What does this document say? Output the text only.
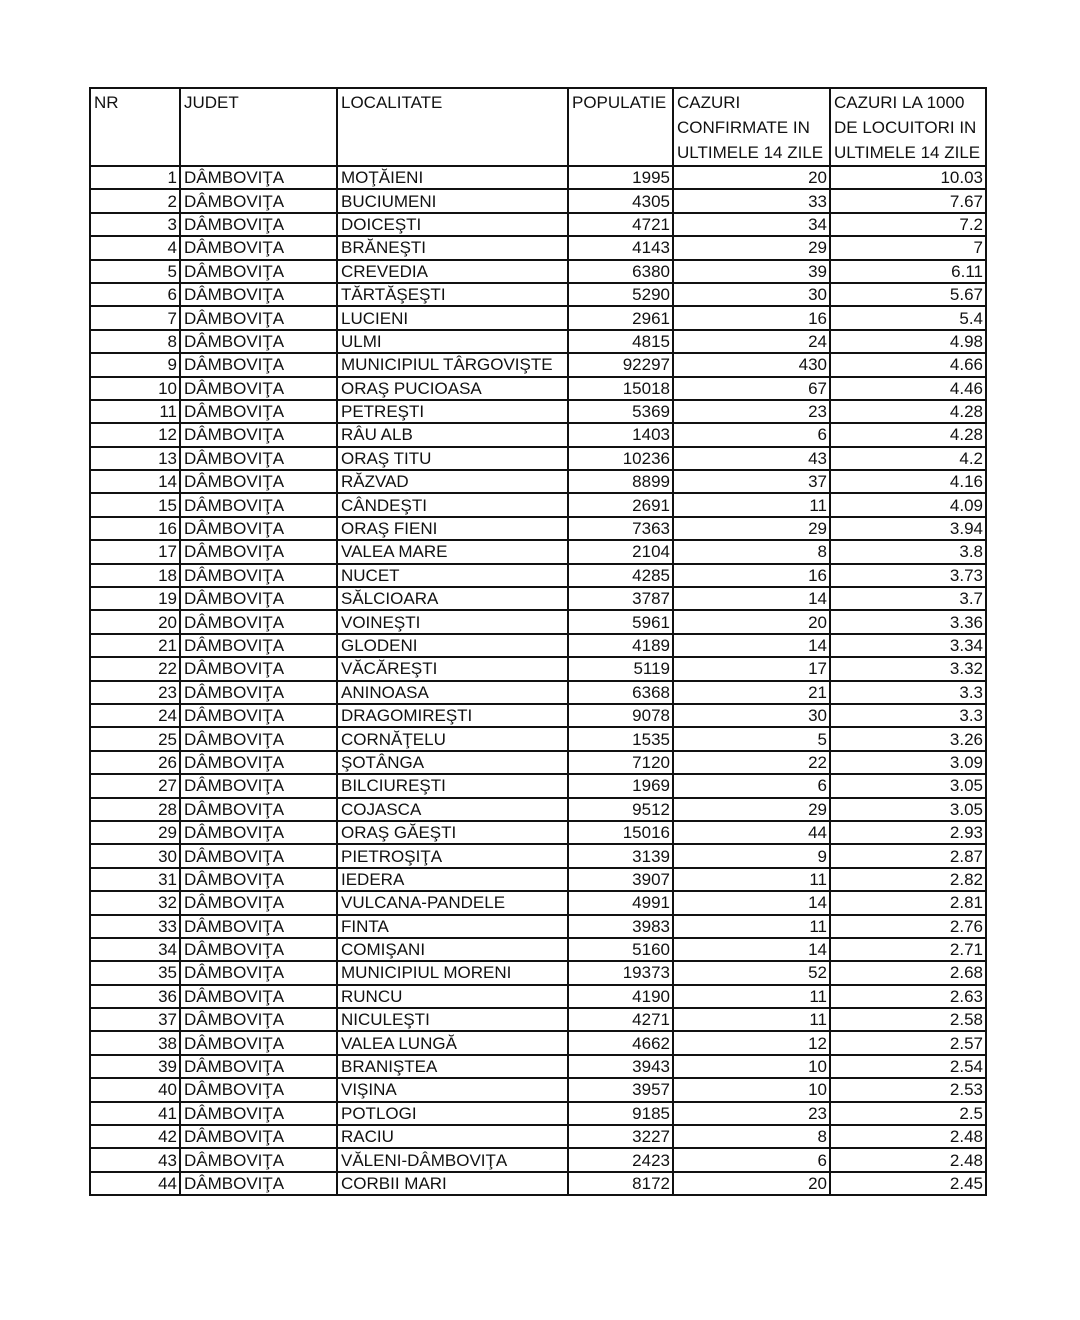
NR	JUDET	LOCALITATE	POPULATIE	CAZURI CONFIRMATE IN ULTIMELE 14 ZILE	CAZURI LA 1000 DE LOCUITORI IN ULTIMELE 14 ZILE
1	DÂMBOVIŢA	MOŢĂIENI	1995	20	10.03
2	DÂMBOVIŢA	BUCIUMENI	4305	33	7.67
3	DÂMBOVIŢA	DOICEŞTI	4721	34	7.2
4	DÂMBOVIŢA	BRĂNEŞTI	4143	29	7
5	DÂMBOVIŢA	CREVEDIA	6380	39	6.11
6	DÂMBOVIŢA	TĂRTĂŞEŞTI	5290	30	5.67
7	DÂMBOVIŢA	LUCIENI	2961	16	5.4
8	DÂMBOVIŢA	ULMI	4815	24	4.98
9	DÂMBOVIŢA	MUNICIPIUL TÂRGOVIŞTE	92297	430	4.66
10	DÂMBOVIŢA	ORAŞ PUCIOASA	15018	67	4.46
11	DÂMBOVIŢA	PETREŞTI	5369	23	4.28
12	DÂMBOVIŢA	RÂU ALB	1403	6	4.28
13	DÂMBOVIŢA	ORAŞ TITU	10236	43	4.2
14	DÂMBOVIŢA	RĂZVAD	8899	37	4.16
15	DÂMBOVIŢA	CÂNDEŞTI	2691	11	4.09
16	DÂMBOVIŢA	ORAŞ FIENI	7363	29	3.94
17	DÂMBOVIŢA	VALEA MARE	2104	8	3.8
18	DÂMBOVIŢA	NUCET	4285	16	3.73
19	DÂMBOVIŢA	SĂLCIOARA	3787	14	3.7
20	DÂMBOVIŢA	VOINEŞTI	5961	20	3.36
21	DÂMBOVIŢA	GLODENI	4189	14	3.34
22	DÂMBOVIŢA	VĂCĂREŞTI	5119	17	3.32
23	DÂMBOVIŢA	ANINOASA	6368	21	3.3
24	DÂMBOVIŢA	DRAGOMIREŞTI	9078	30	3.3
25	DÂMBOVIŢA	CORNĂŢELU	1535	5	3.26
26	DÂMBOVIŢA	ŞOTÂNGA	7120	22	3.09
27	DÂMBOVIŢA	BILCIUREŞTI	1969	6	3.05
28	DÂMBOVIŢA	COJASCA	9512	29	3.05
29	DÂMBOVIŢA	ORAŞ GĂEŞTI	15016	44	2.93
30	DÂMBOVIŢA	PIETROŞIŢA	3139	9	2.87
31	DÂMBOVIŢA	IEDERA	3907	11	2.82
32	DÂMBOVIŢA	VULCANA-PANDELE	4991	14	2.81
33	DÂMBOVIŢA	FINTA	3983	11	2.76
34	DÂMBOVIŢA	COMIŞANI	5160	14	2.71
35	DÂMBOVIŢA	MUNICIPIUL MORENI	19373	52	2.68
36	DÂMBOVIŢA	RUNCU	4190	11	2.63
37	DÂMBOVIŢA	NICULEŞTI	4271	11	2.58
38	DÂMBOVIŢA	VALEA LUNGĂ	4662	12	2.57
39	DÂMBOVIŢA	BRANIŞTEA	3943	10	2.54
40	DÂMBOVIŢA	VIŞINA	3957	10	2.53
41	DÂMBOVIŢA	POTLOGI	9185	23	2.5
42	DÂMBOVIŢA	RACIU	3227	8	2.48
43	DÂMBOVIŢA	VĂLENI-DÂMBOVIŢA	2423	6	2.48
44	DÂMBOVIŢA	CORBII MARI	8172	20	2.45
